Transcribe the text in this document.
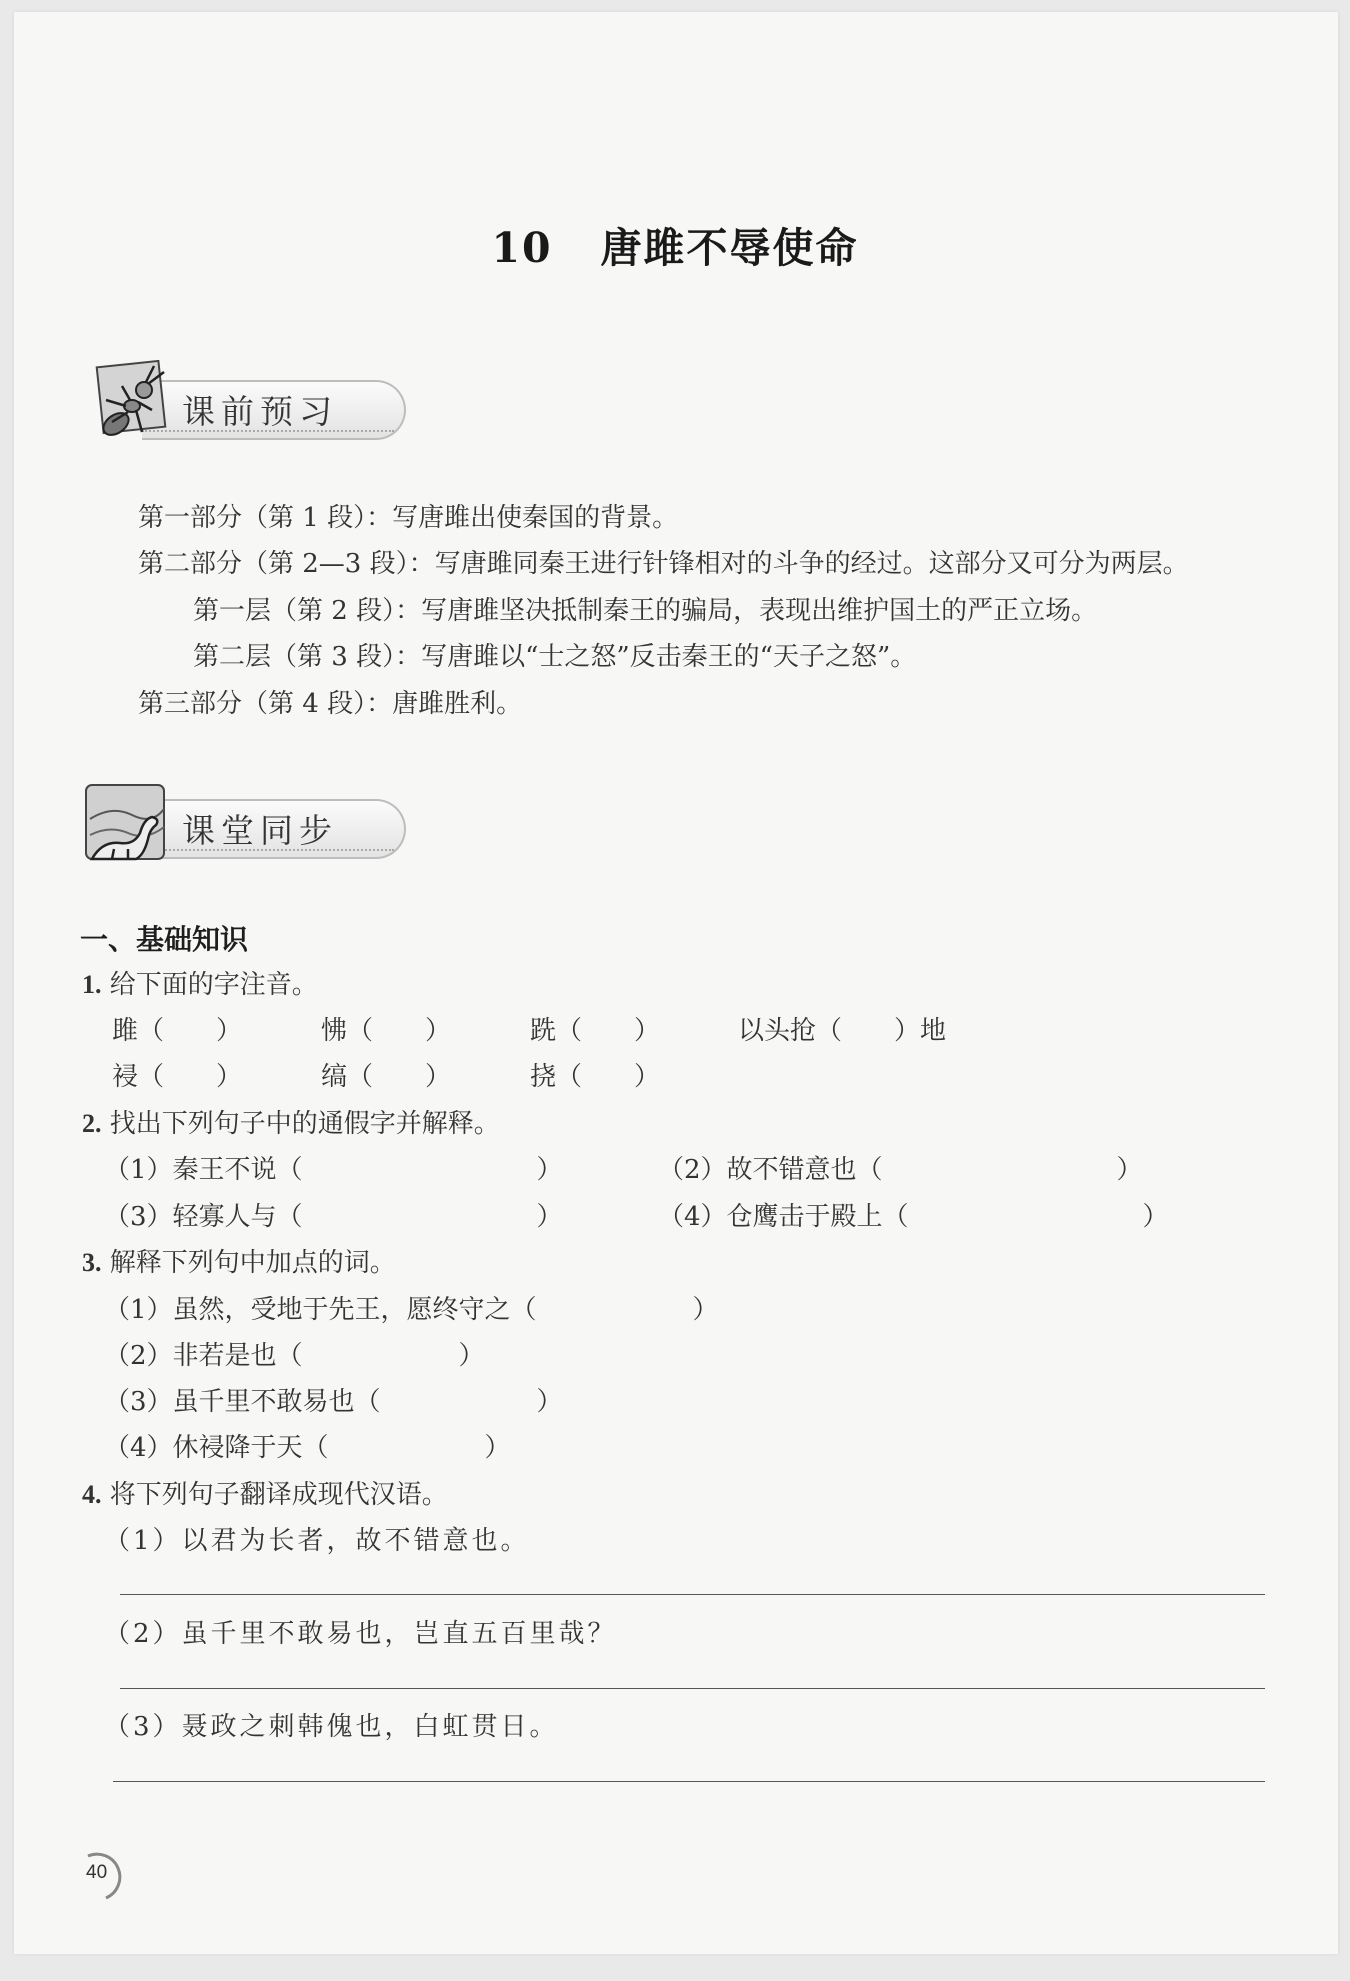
10 唐雎不辱使命
课前预习
第一部分（第 1 段）：写唐雎出使秦国的背景。
第二部分（第 2—3 段）：写唐雎同秦王进行针锋相对的斗争的经过。这部分又可分为两层。
第一层（第 2 段）：写唐雎坚决抵制秦王的骗局，表现出维护国土的严正立场。
第二层（第 3 段）：写唐雎以“士之怒”反击秦王的“天子之怒”。
第三部分（第 4 段）：唐雎胜利。
课堂同步
一、基础知识
1. 给下面的字注音。
雎（　　）	怫（　　）	跣（　　）	以头抢（　　）地
祲（　　）	缟（　　）	挠（　　）
2. 找出下列句子中的通假字并解释。
（1）秦王不说（　　　　　　　　　）	（2）故不错意也（　　　　　　　　　）
（3）轻寡人与（　　　　　　　　　）	（4）仓鹰击于殿上（　　　　　　　　　）
3. 解释下列句中加点的词。
（1）虽然，受地于先王，愿终守之（　　　　　　）
（2）非若是也（　　　　　　）
（3）虽千里不敢易也（　　　　　　）
（4）休祲降于天（　　　　　　）
4. 将下列句子翻译成现代汉语。
（1）以君为长者，故不错意也。
（2）虽千里不敢易也，岂直五百里哉？
（3）聂政之刺韩傀也，白虹贯日。
40
